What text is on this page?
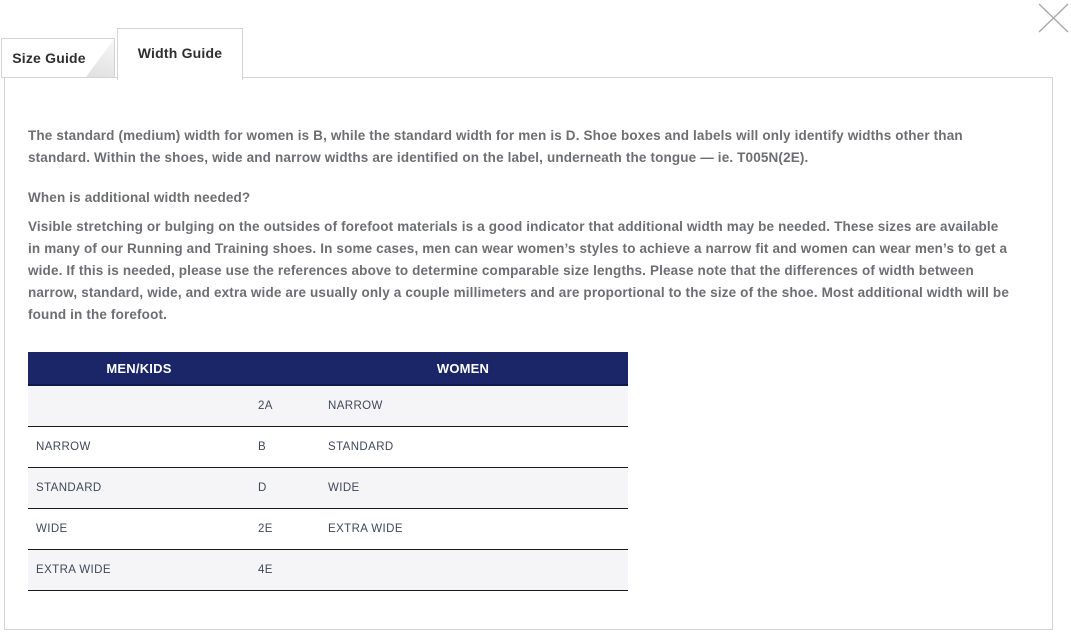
Size Guide	Width Guide

The standard (medium) width for women is B, while the standard width for men is D. Shoe boxes and labels will only identify widths other than standard. Within the shoes, wide and narrow widths are identified on the label, underneath the tongue — ie. T005N(2E).

When is additional width needed?

Visible stretching or bulging on the outsides of forefoot materials is a good indicator that additional width may be needed. These sizes are available in many of our Running and Training shoes. In some cases, men can wear women’s styles to achieve a narrow fit and women can wear men’s to get a wide. If this is needed, please use the references above to determine comparable size lengths. Please note that the differences of width between narrow, standard, wide, and extra wide are usually only a couple millimeters and are proportional to the size of the shoe. Most additional width will be found in the forefoot.

MEN/KIDS	WOMEN	
	2A	NARROW
NARROW	B	STANDARD
STANDARD	D	WIDE
WIDE	2E	EXTRA WIDE
EXTRA WIDE	4E	
